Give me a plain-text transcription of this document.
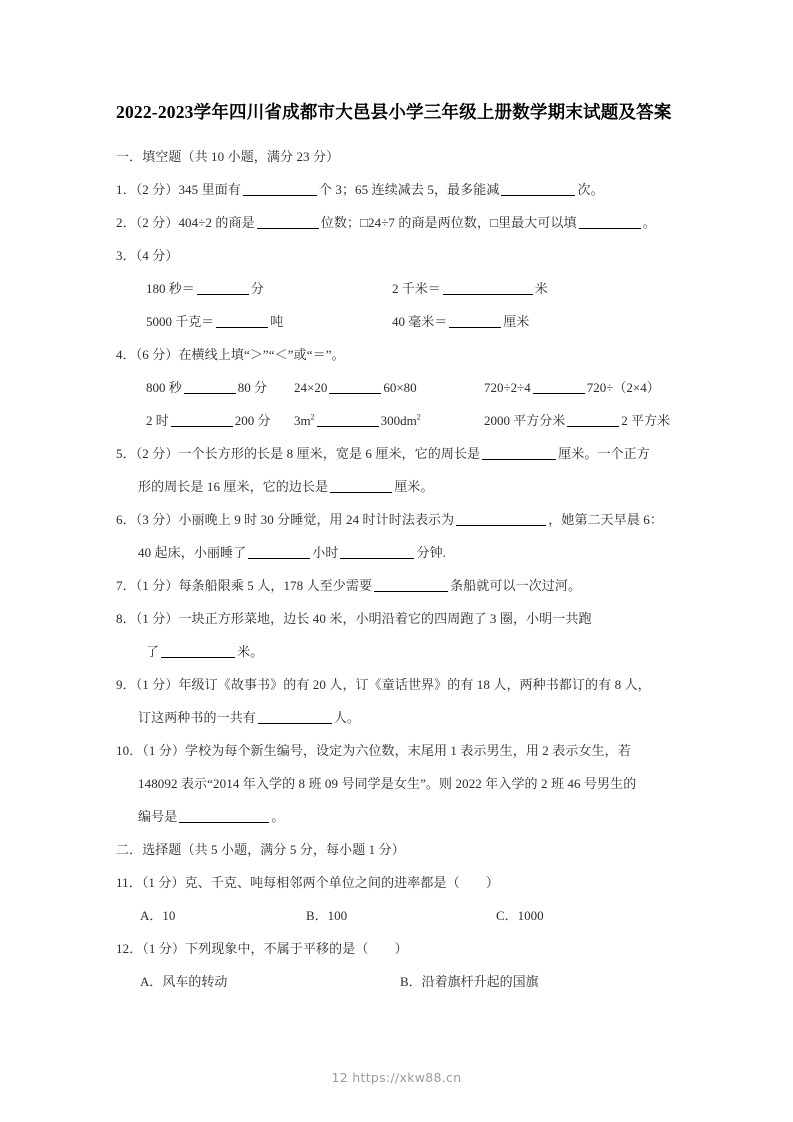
2022-2023学年四川省成都市大邑县小学三年级上册数学期末试题及答案
一．填空题（共 10 小题，满分 23 分）
1．（2 分）345 里面有	个 3；65 连续减去 5，最多能减	次。
2．（2 分）404÷2 的商是	位数；□24÷7 的商是两位数，□里最大可以填	。
3．（4 分）
180 秒＝	分	2 千米＝	米
5000 千克＝	吨	40 毫米＝	厘米
4．（6 分）在横线上填“＞”“＜”或“＝”。
800 秒	80 分 24×20	60×80	720÷2÷4	720÷（2×4）
2 时	200 分 $3m^2$	$300dm^2$	2000 平方分米	2 平方米
5．（2 分）一个长方形的长是 8 厘米，宽是 6 厘米，它的周长是	厘米。一个正方
形的周长是 16 厘米，它的边长是	厘米。
6．（3 分）小丽晚上 9 时 30 分睡觉，用 24 时计时法表示为	，她第二天早晨 6：
40 起床，小丽睡了	小时	分钟.
7．（1 分）每条船限乘 5 人，178 人至少需要	条船就可以一次过河。
8．（1 分）一块正方形菜地，边长 40 米，小明沿着它的四周跑了 3 圈，小明一共跑
了	米。
9．（1 分）年级订《故事书》的有 20 人，订《童话世界》的有 18 人，两种书都订的有 8 人，
订这两种书的一共有	人。
10．（1 分）学校为每个新生编号，设定为六位数，末尾用 1 表示男生，用 2 表示女生，若
148092 表示“2014 年入学的 8 班 09 号同学是女生”。则 2022 年入学的 2 班 46 号男生的
编号是	。
二．选择题（共 5 小题，满分 5 分，每小题 1 分）
11．（1 分）克、千克、吨每相邻两个单位之间的进率都是（　　）
A．10	B．100	C．1000
12．（1 分）下列现象中，不属于平移的是（　　）
A．风车的转动	B．沿着旗杆升起的国旗
12 https://xkw88.cn
